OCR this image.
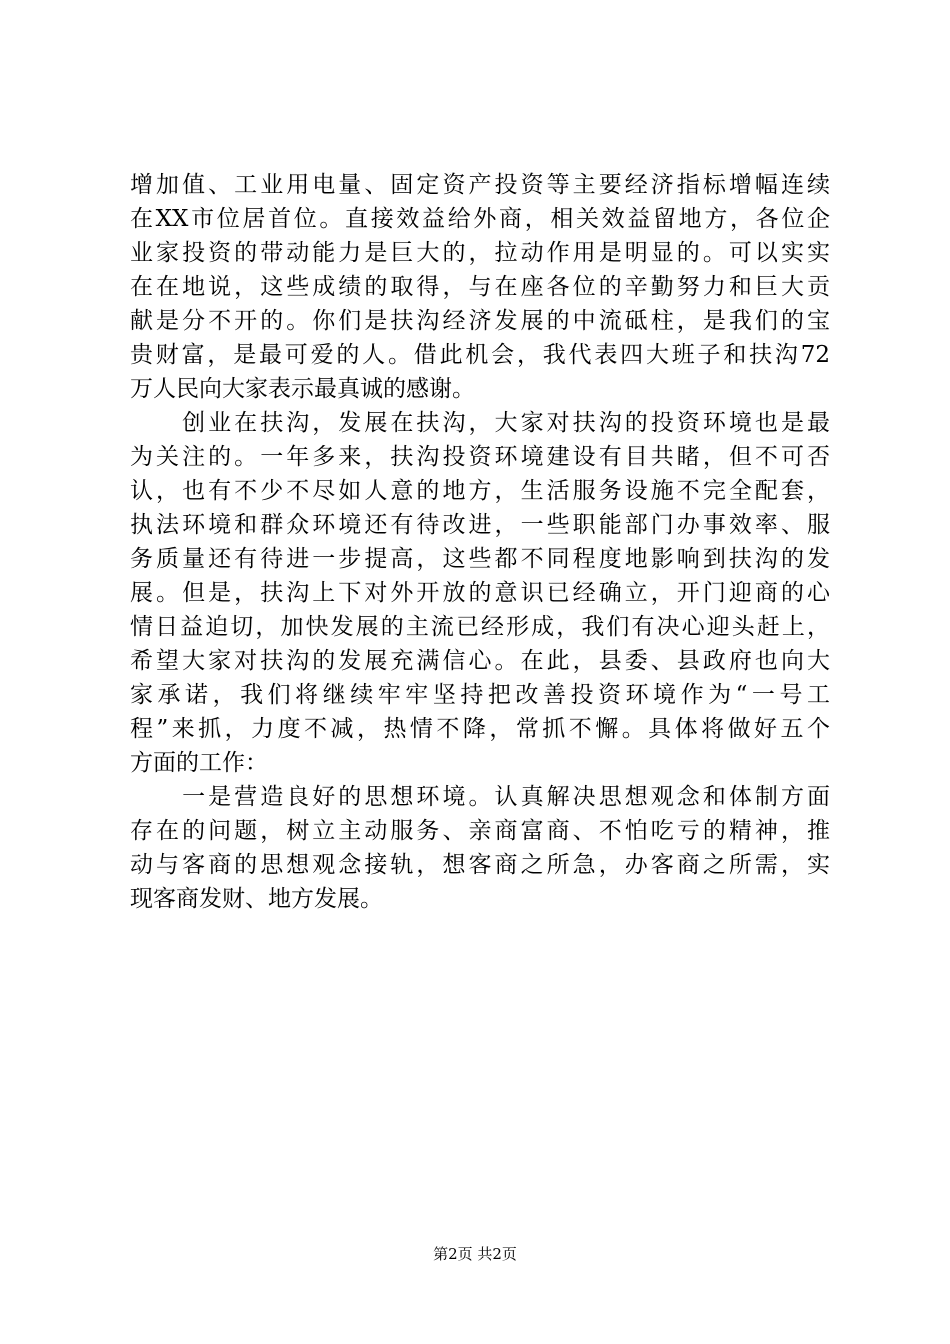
增加值、工业用电量、固定资产投资等主要经济指标增幅连续
在XX市位居首位。直接效益给外商，相关效益留地方，各位企
业家投资的带动能力是巨大的，拉动作用是明显的。可以实实
在在地说，这些成绩的取得，与在座各位的辛勤努力和巨大贡
献是分不开的。你们是扶沟经济发展的中流砥柱，是我们的宝
贵财富，是最可爱的人。借此机会，我代表四大班子和扶沟72
万人民向大家表示最真诚的感谢。
　　创业在扶沟，发展在扶沟，大家对扶沟的投资环境也是最
为关注的。一年多来，扶沟投资环境建设有目共睹，但不可否
认，也有不少不尽如人意的地方，生活服务设施不完全配套，
执法环境和群众环境还有待改进，一些职能部门办事效率、服
务质量还有待进一步提高，这些都不同程度地影响到扶沟的发
展。但是，扶沟上下对外开放的意识已经确立，开门迎商的心
情日益迫切，加快发展的主流已经形成，我们有决心迎头赶上，
希望大家对扶沟的发展充满信心。在此，县委、县政府也向大
家承诺，我们将继续牢牢坚持把改善投资环境作为“一号工
程”来抓，力度不减，热情不降，常抓不懈。具体将做好五个
方面的工作：
　　一是营造良好的思想环境。认真解决思想观念和体制方面
存在的问题，树立主动服务、亲商富商、不怕吃亏的精神，推
动与客商的思想观念接轨，想客商之所急，办客商之所需，实
现客商发财、地方发展。
第2页 共2页
